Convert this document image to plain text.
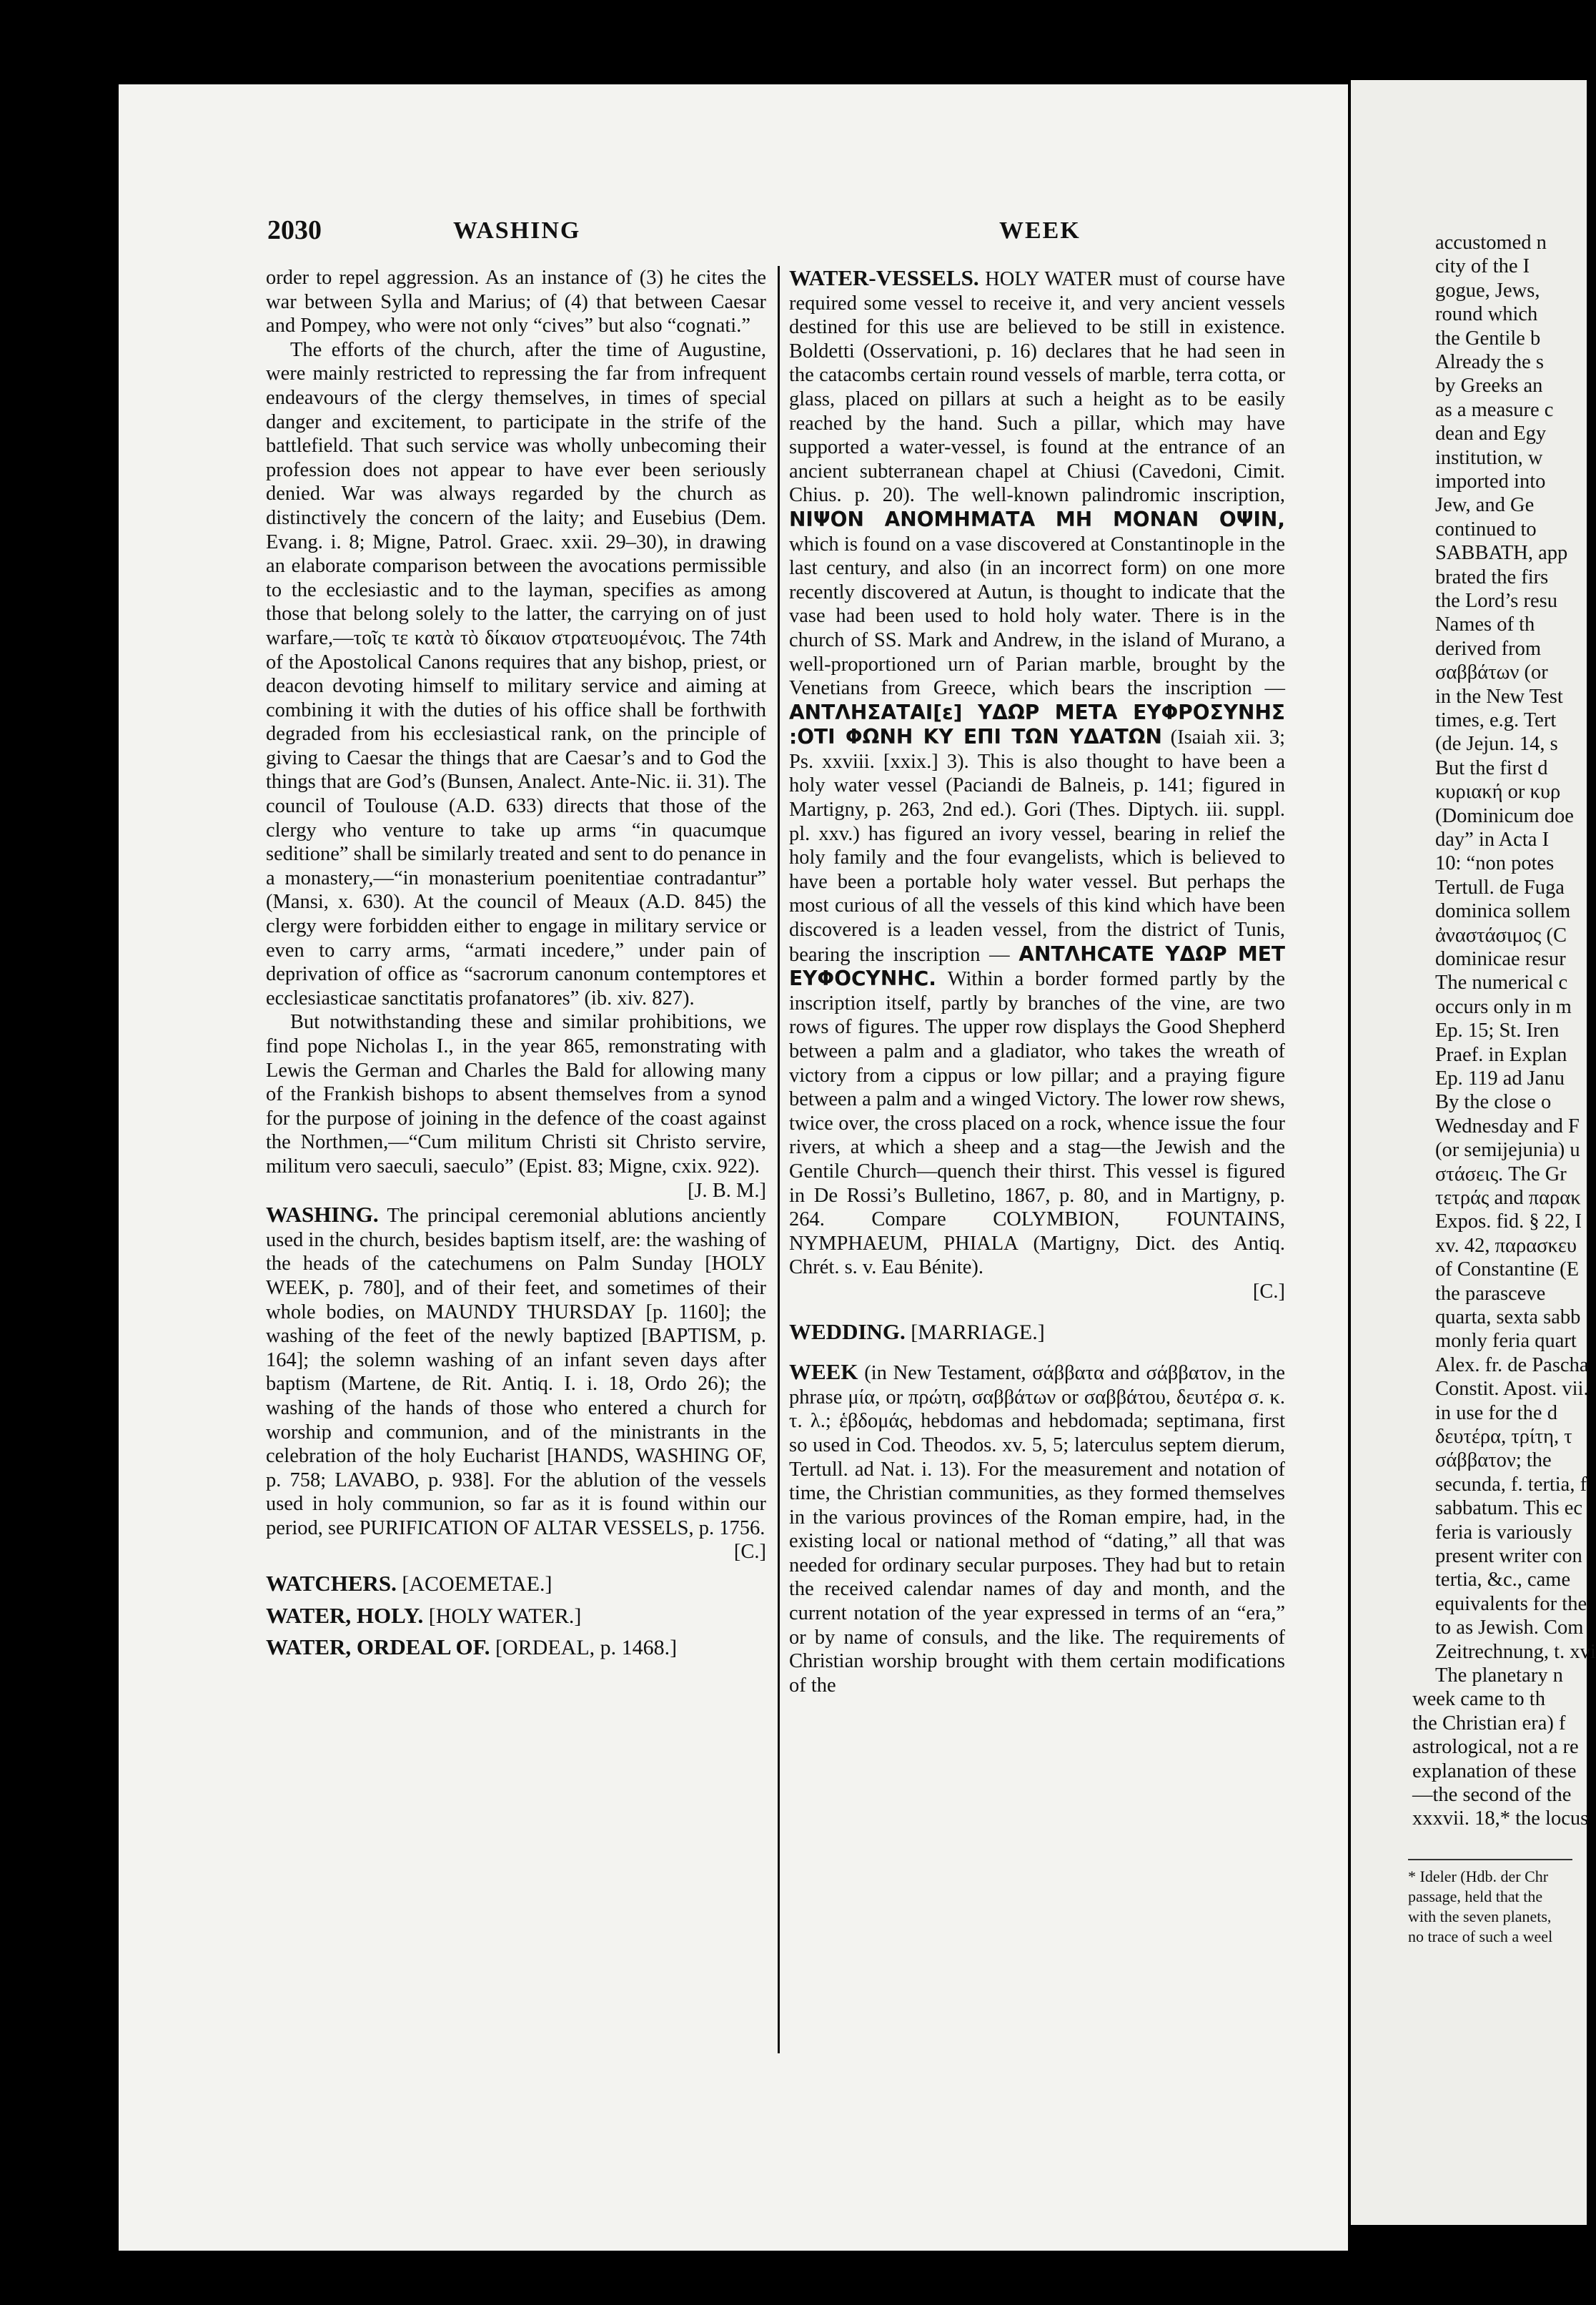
accustomed n
city of the I
gogue, Jews,
round which
the Gentile b
Already the s
by Greeks an
as a measure c
dean and Egy
institution, w
imported into
Jew, and Ge
continued to
SABBATH, app
brated the firs
the Lord’s resu
Names of th
derived from
σαββάτων (or
in the New Test
times, e.g. Tert
(de Jejun. 14, s
But the first d
κυριακή or κυρ
(Dominicum doe
day” in Acta I
10: “non potes
Tertull. de Fuga
dominica sollem
ἀναστάσιμος (C
dominicae resur
The numerical c
occurs only in m
Ep. 15; St. Iren
Praef. in Explan
Ep. 119 ad Janu
By the close o
Wednesday and F
(or semijejunia) u
στάσεις. The Gr
τετράς and παρακ
Expos. fid. § 22, I
xv. 42, παρασκευ
of Constantine (E
the parasceve
quarta, sexta sabb
monly feria quart
Alex. fr. de Pascha
Constit. Apost. vii.
in use for the d
δευτέρα, τρίτη, τ
σάββατον; the
secunda, f. tertia, f
sabbatum. This ec
feria is variously
present writer con
tertia, &c., came
equivalents for the
to as Jewish. Com
Zeitrechnung, t. xvi
The planetary n
week came to th
the Christian era) f
astrological, not a re
explanation of these
—the second of the
xxxvii. 18,* the locus
* Ideler (Hdb. der Chr
passage, held that the
with the seven planets,
no trace of such a weel
2030	WASHING	WEEK

order to repel aggression. As an instance of (3) he cites the war between Sylla and Marius; of (4) that between Caesar and Pompey, who were not only “cives” but also “cognati.”

The efforts of the church, after the time of Augustine, were mainly restricted to repressing the far from infrequent endeavours of the clergy themselves, in times of special danger and excitement, to participate in the strife of the battlefield. That such service was wholly unbecoming their profession does not appear to have ever been seriously denied. War was always regarded by the church as distinctively the concern of the laity; and Eusebius (Dem. Evang. i. 8; Migne, Patrol. Graec. xxii. 29–30), in drawing an elaborate comparison between the avocations permissible to the ecclesiastic and to the layman, specifies as among those that belong solely to the latter, the carrying on of just warfare,—τοῖς τε κατὰ τὸ δίκαιον στρατευομένοις. The 74th of the Apostolical Canons requires that any bishop, priest, or deacon devoting himself to military service and aiming at combining it with the duties of his office shall be forthwith degraded from his ecclesiastical rank, on the principle of giving to Caesar the things that are Caesar’s and to God the things that are God’s (Bunsen, Analect. Ante-Nic. ii. 31). The council of Toulouse (A.D. 633) directs that those of the clergy who venture to take up arms “in quacumque seditione” shall be similarly treated and sent to do penance in a monastery,—“in monasterium poenitentiae contradantur” (Mansi, x. 630). At the council of Meaux (A.D. 845) the clergy were forbidden either to engage in military service or even to carry arms, “armati incedere,” under pain of deprivation of office as “sacrorum canonum contemptores et ecclesiasticae sanctitatis profanatores” (ib. xiv. 827).

But notwithstanding these and similar prohibitions, we find pope Nicholas I., in the year 865, remonstrating with Lewis the German and Charles the Bald for allowing many of the Frankish bishops to absent themselves from a synod for the purpose of joining in the defence of the coast against the Northmen,—“Cum militum Christi sit Christo servire, militum vero saeculi, saeculo” (Epist. 83; Migne, cxix. 922).

[J. B. M.]

WASHING. The principal ceremonial ablutions anciently used in the church, besides baptism itself, are: the washing of the heads of the catechumens on Palm Sunday [HOLY WEEK, p. 780], and of their feet, and sometimes of their whole bodies, on MAUNDY THURSDAY [p. 1160]; the washing of the feet of the newly baptized [BAPTISM, p. 164]; the solemn washing of an infant seven days after baptism (Martene, de Rit. Antiq. I. i. 18, Ordo 26); the washing of the hands of those who entered a church for worship and communion, and of the ministrants in the celebration of the holy Eucharist [HANDS, WASHING OF, p. 758; LAVABO, p. 938]. For the ablution of the vessels used in holy communion, so far as it is found within our period, see PURIFICATION OF ALTAR VESSELS, p. 1756.

[C.]

WATCHERS. [ACOEMETAE.]

WATER, HOLY. [HOLY WATER.]

WATER, ORDEAL OF. [ORDEAL, p. 1468.]

WATER-VESSELS. HOLY WATER must of course have required some vessel to receive it, and very ancient vessels destined for this use are believed to be still in existence. Boldetti (Osservationi, p. 16) declares that he had seen in the catacombs certain round vessels of marble, terra cotta, or glass, placed on pillars at such a height as to be easily reached by the hand. Such a pillar, which may have supported a water-vessel, is found at the entrance of an ancient subterranean chapel at Chiusi (Cavedoni, Cimit. Chius. p. 20). The well-known palindromic inscription, ΝΙΨΟΝ ΑΝΟΜΗΜΑΤΑ ΜΗ ΜΟΝΑΝ ΟΨΙΝ, which is found on a vase discovered at Constantinople in the last century, and also (in an incorrect form) on one more recently discovered at Autun, is thought to indicate that the vase had been used to hold holy water. There is in the church of SS. Mark and Andrew, in the island of Murano, a well-proportioned urn of Parian marble, brought by the Venetians from Greece, which bears the inscription — ΑΝΤΛΗΣΑΤΑΙ[ε] ΥΔΩΡ ΜΕΤΑ ΕΥΦΡΟΣΥΝΗΣ :ΟΤΙ ΦΩΝΗ ΚΥ ΕΠΙ ΤΩΝ ΥΔΑΤΩΝ (Isaiah xii. 3; Ps. xxviii. [xxix.] 3). This is also thought to have been a holy water vessel (Paciandi de Balneis, p. 141; figured in Martigny, p. 263, 2nd ed.). Gori (Thes. Diptych. iii. suppl. pl. xxv.) has figured an ivory vessel, bearing in relief the holy family and the four evangelists, which is believed to have been a portable holy water vessel. But perhaps the most curious of all the vessels of this kind which have been discovered is a leaden vessel, from the district of Tunis, bearing the inscription — ΑΝΤΛΗСΑΤΕ ΥΔΩΡ ΜΕΤ ΕΥΦΟСΥΝΗС. Within a border formed partly by the inscription itself, partly by branches of the vine, are two rows of figures. The upper row displays the Good Shepherd between a palm and a gladiator, who takes the wreath of victory from a cippus or low pillar; and a praying figure between a palm and a winged Victory. The lower row shews, twice over, the cross placed on a rock, whence issue the four rivers, at which a sheep and a stag—the Jewish and the Gentile Church—quench their thirst. This vessel is figured in De Rossi’s Bulletino, 1867, p. 80, and in Martigny, p. 264. Compare COLYMBION, FOUNTAINS, NYMPHAEUM, PHIALA (Martigny, Dict. des Antiq. Chrét. s. v. Eau Bénite).

[C.]

WEDDING. [MARRIAGE.]

WEEK (in New Testament, σάββατα and σάββατον, in the phrase μία, or πρώτη, σαββάτων or σαββάτου, δευτέρα σ. κ. τ. λ.; ἑβδομάς, hebdomas and hebdomada; septimana, first so used in Cod. Theodos. xv. 5, 5; laterculus septem dierum, Tertull. ad Nat. i. 13). For the measurement and notation of time, the Christian communities, as they formed themselves in the various provinces of the Roman empire, had, in the existing local or national method of “dating,” all that was needed for ordinary secular purposes. They had but to retain the received calendar names of day and month, and the current notation of the year expressed in terms of an “era,” or by name of consuls, and the like. The requirements of Christian worship brought with them certain modifications of the
